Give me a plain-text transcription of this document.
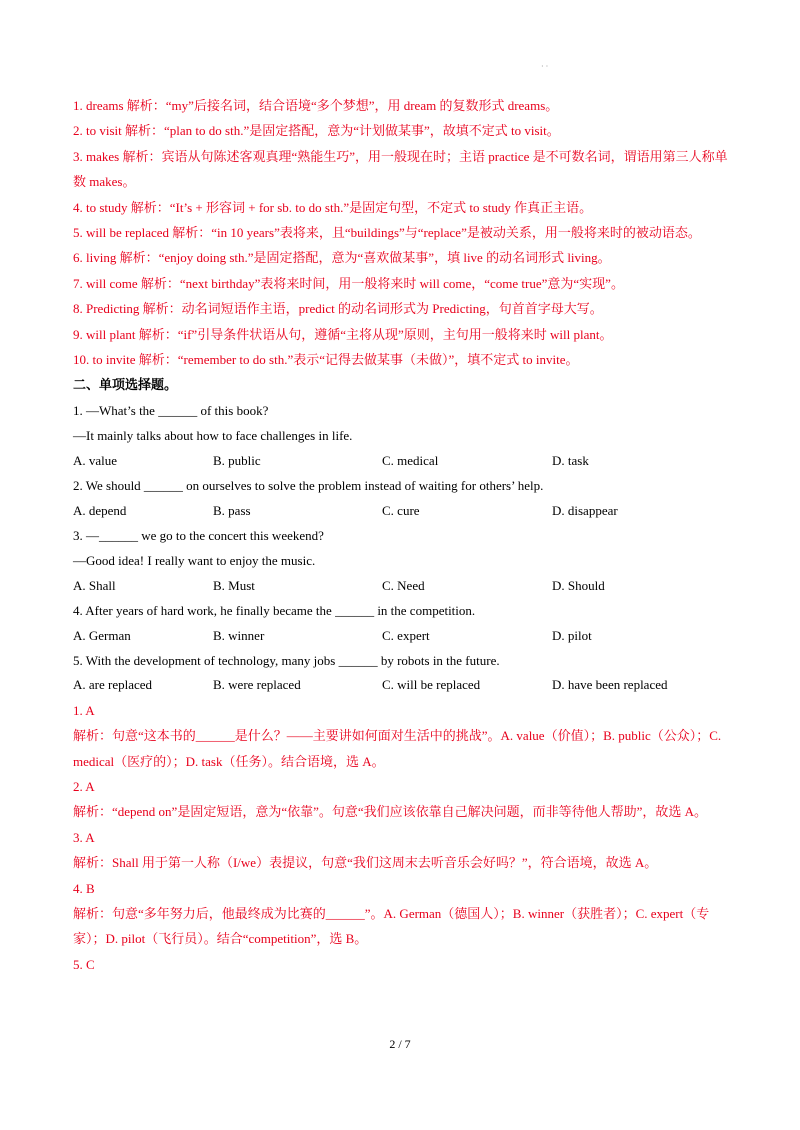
· ·
1. dreams 解析：“my”后接名词，结合语境“多个梦想”，用 dream 的复数形式 dreams。
2. to visit 解析：“plan to do sth.”是固定搭配，意为“计划做某事”，故填不定式 to visit。
3. makes 解析：宾语从句陈述客观真理“熟能生巧”，用一般现在时；主语 practice 是不可数名词，谓语用第三人称单数 makes。
4. to study 解析：“It’s + 形容词 + for sb. to do sth.”是固定句型，不定式 to study 作真正主语。
5. will be replaced 解析：“in 10 years”表将来，且“buildings”与“replace”是被动关系，用一般将来时的被动语态。
6. living 解析：“enjoy doing sth.”是固定搭配，意为“喜欢做某事”，填 live 的动名词形式 living。
7. will come 解析：“next birthday”表将来时间，用一般将来时 will come，“come true”意为“实现”。
8. Predicting 解析：动名词短语作主语，predict 的动名词形式为 Predicting，句首首字母大写。
9. will plant 解析：“if”引导条件状语从句，遵循“主将从现”原则，主句用一般将来时 will plant。
10. to invite 解析：“remember to do sth.”表示“记得去做某事（未做）”，填不定式 to invite。
二、单项选择题。
1. —What’s the ______ of this book?
—It mainly talks about how to face challenges in life.
A. value	B. public	C. medical	D. task
2. We should ______ on ourselves to solve the problem instead of waiting for others’ help.
A. depend	B. pass	C. cure	D. disappear
3. —______ we go to the concert this weekend?
—Good idea! I really want to enjoy the music.
A. Shall	B. Must	C. Need	D. Should
4. After years of hard work, he finally became the ______ in the competition.
A. German	B. winner	C. expert	D. pilot
5. With the development of technology, many jobs ______ by robots in the future.
A. are replaced	B. were replaced	C. will be replaced	D. have been replaced
1. A
解析：句意“这本书的______是什么？——主要讲如何面对生活中的挑战”。A. value（价值）；B. public（公众）；C. medical（医疗的）；D. task（任务）。结合语境，选 A。
2. A
解析：“depend on”是固定短语，意为“依靠”。句意“我们应该依靠自己解决问题，而非等待他人帮助”，故选 A。
3. A
解析：Shall 用于第一人称（I/we）表提议，句意“我们这周末去听音乐会好吗？”，符合语境，故选 A。
4. B
解析：句意“多年努力后，他最终成为比赛的______”。A. German（德国人）；B. winner（获胜者）；C. expert（专家）；D. pilot（飞行员）。结合“competition”，选 B。
5. C
2 / 7
